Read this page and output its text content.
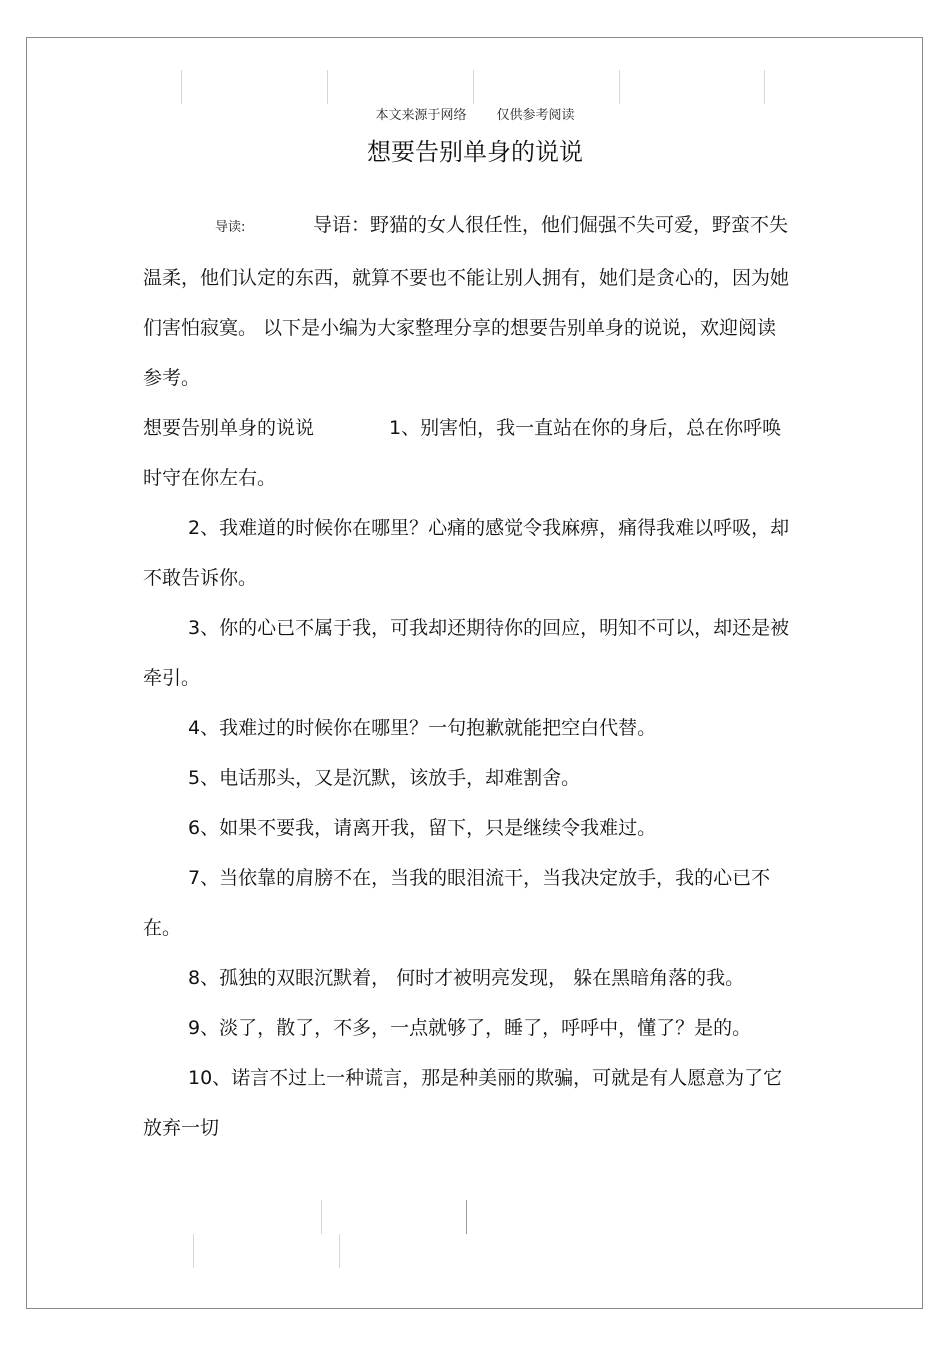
本文来源于网络 仅供参考阅读
想要告别单身的说说

导读:	导语：野猫的女人很任性，他们倔强不失可爱，野蛮不失温柔，他们认定的东西，就算不要也不能让别人拥有，她们是贪心的，因为她们害怕寂寞。 以下是小编为大家整理分享的想要告别单身的说说，欢迎阅读参考。

想要告别单身的说说	1、别害怕，我一直站在你的身后，总在你呼唤时守在你左右。

2、我难道的时候你在哪里？心痛的感觉令我麻痹，痛得我难以呼吸，却不敢告诉你。

3、你的心已不属于我，可我却还期待你的回应，明知不可以，却还是被牵引。

4、我难过的时候你在哪里？一句抱歉就能把空白代替。

5、电话那头，又是沉默，该放手，却难割舍。

6、如果不要我，请离开我，留下，只是继续令我难过。

7、当依靠的肩膀不在，当我的眼泪流干，当我决定放手，我的心已不在。

8、孤独的双眼沉默着， 何时才被明亮发现， 躲在黑暗角落的我。

9、淡了，散了，不多，一点就够了，睡了，呼呼中，懂了？是的。

10、诺言不过上一种谎言，那是种美丽的欺骗，可就是有人愿意为了它放弃一切
